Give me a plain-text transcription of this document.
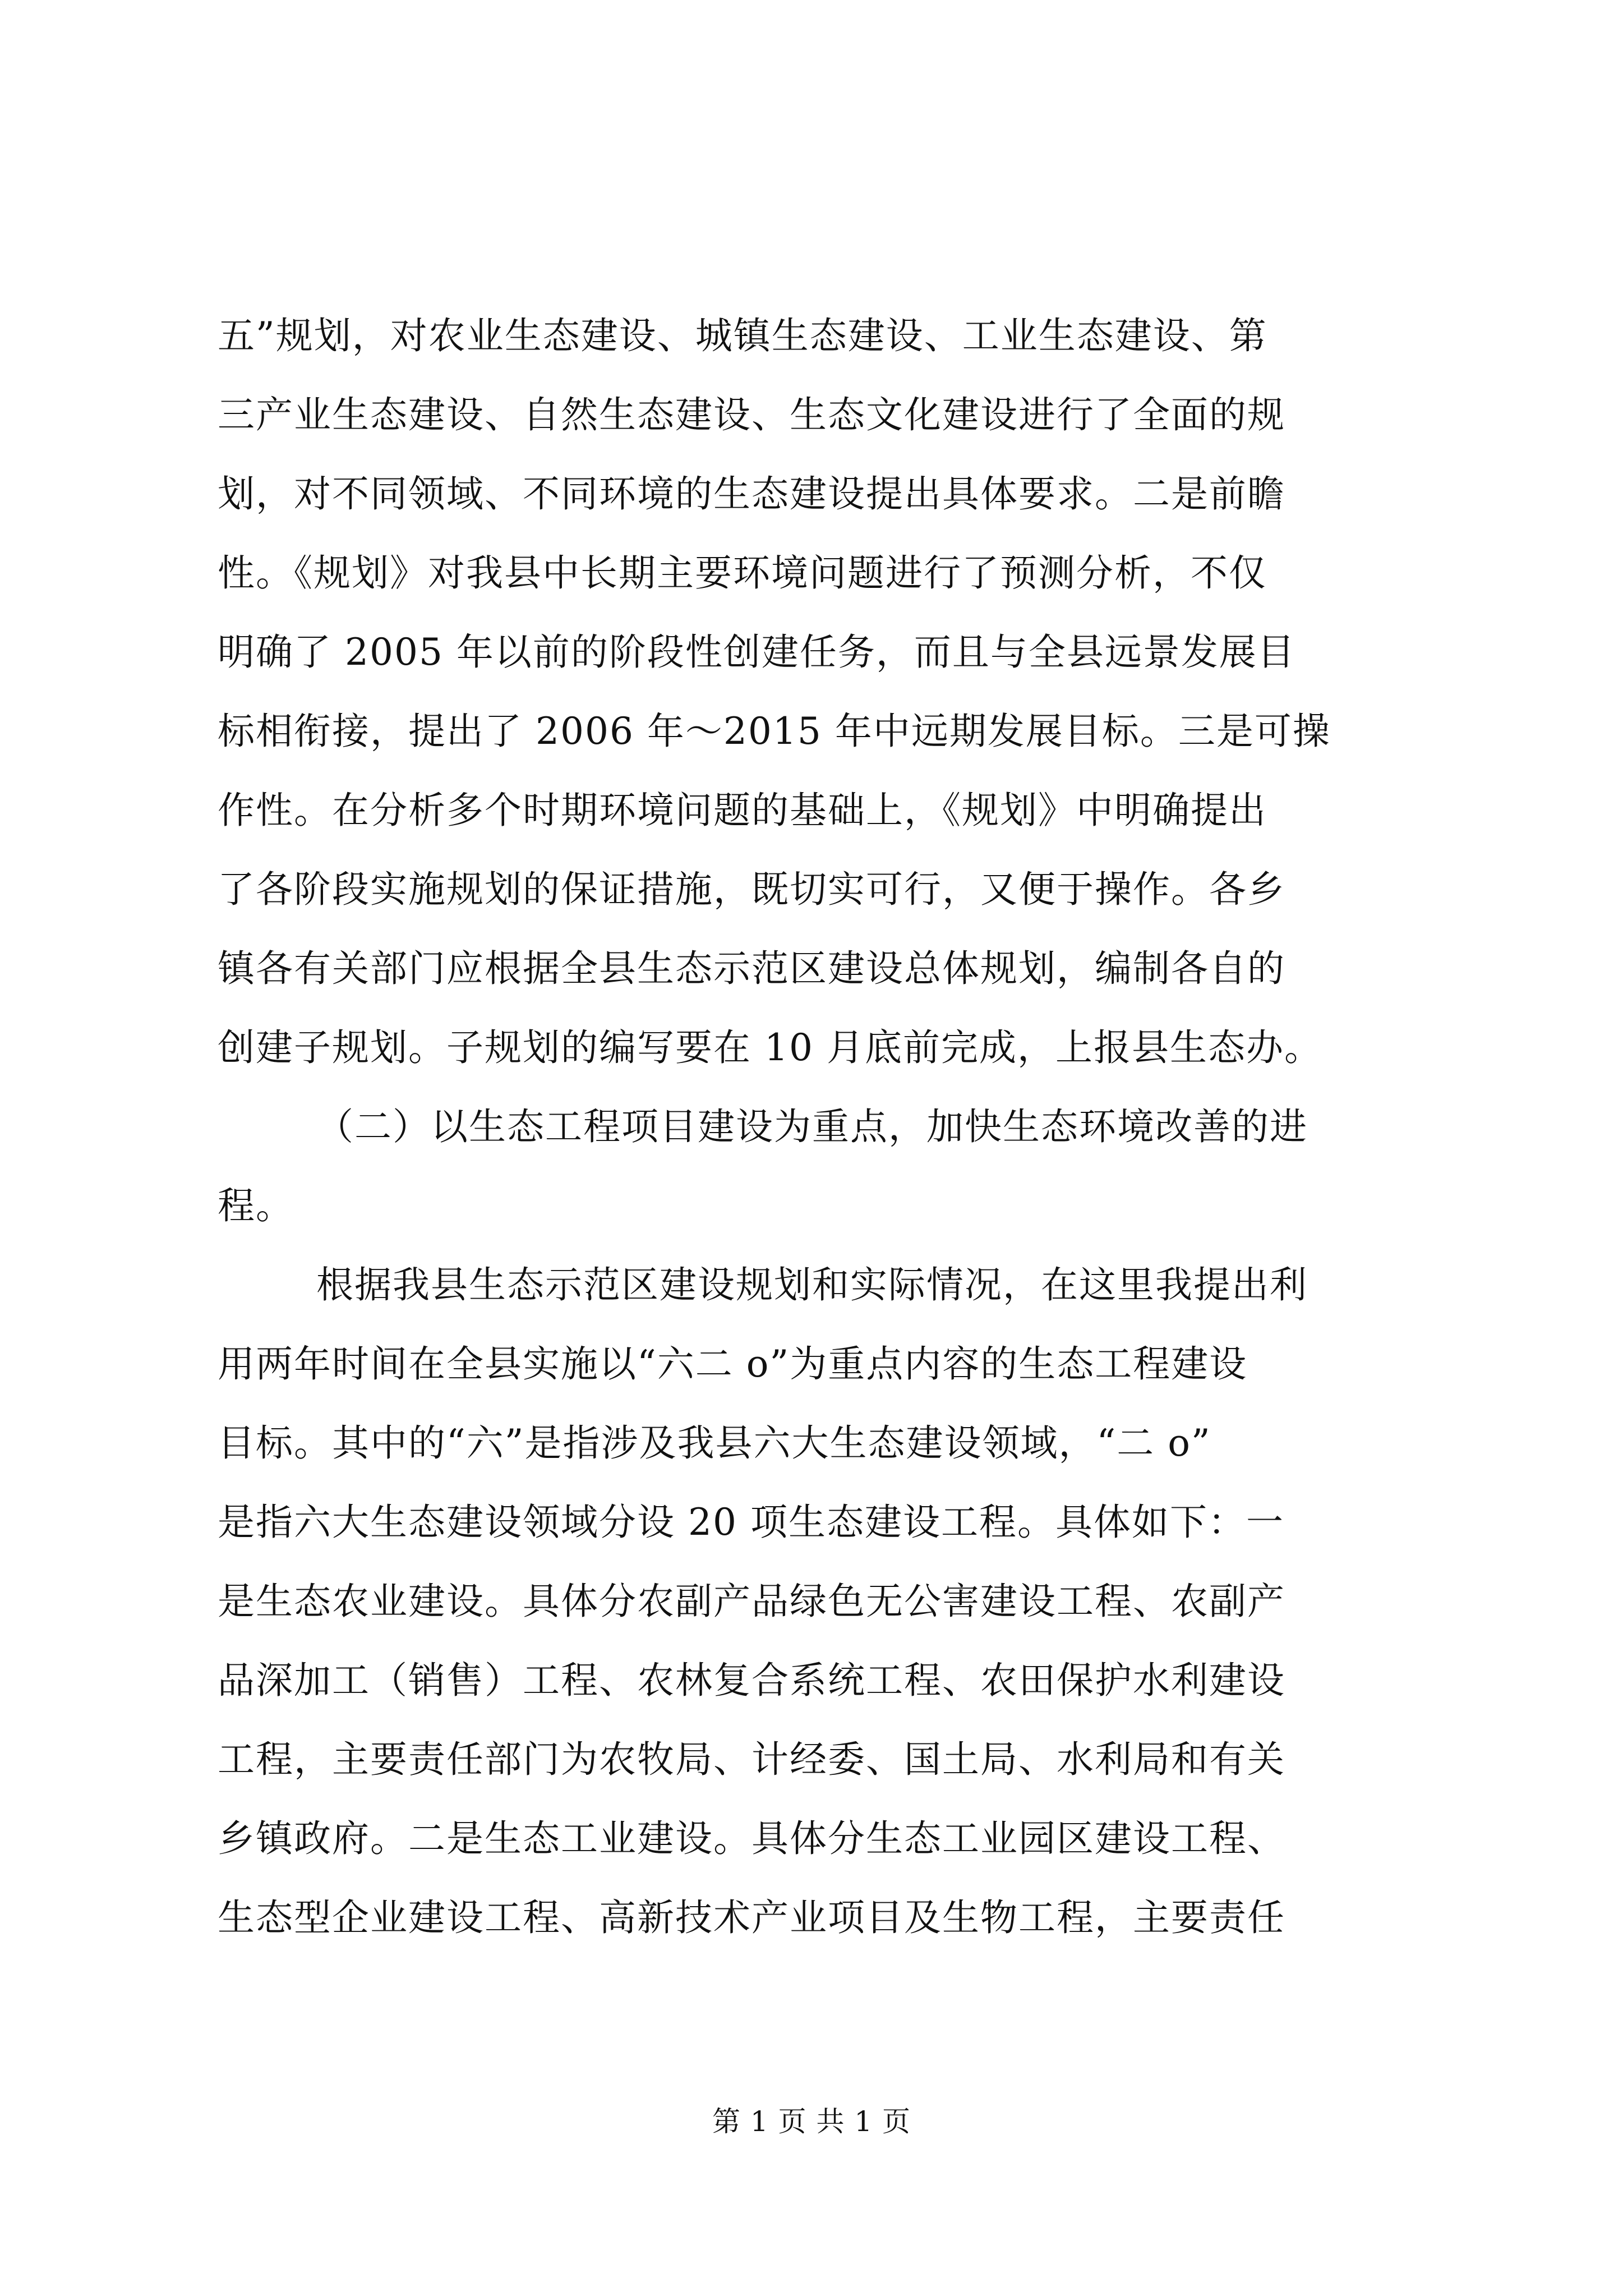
五”规划，对农业生态建设、城镇生态建设、工业生态建设、第
三产业生态建设、自然生态建设、生态文化建设进行了全面的规
划，对不同领域、不同环境的生态建设提出具体要求。二是前瞻
性。《规划》对我县中长期主要环境问题进行了预测分析，不仅
明确了 2005 年以前的阶段性创建任务，而且与全县远景发展目
标相衔接，提出了 2006 年～2015 年中远期发展目标。三是可操
作性。在分析多个时期环境问题的基础上，《规划》中明确提出
了各阶段实施规划的保证措施，既切实可行，又便于操作。各乡
镇各有关部门应根据全县生态示范区建设总体规划，编制各自的
创建子规划。子规划的编写要在 10 月底前完成，上报县生态办。
（二）以生态工程项目建设为重点，加快生态环境改善的进
程。
根据我县生态示范区建设规划和实际情况，在这里我提出利
用两年时间在全县实施以“六二 o”为重点内容的生态工程建设
目标。其中的“六”是指涉及我县六大生态建设领域，“二 o”
是指六大生态建设领域分设 20 项生态建设工程。具体如下：一
是生态农业建设。具体分农副产品绿色无公害建设工程、农副产
品深加工（销售）工程、农林复合系统工程、农田保护水利建设
工程，主要责任部门为农牧局、计经委、国土局、水利局和有关
乡镇政府。二是生态工业建设。具体分生态工业园区建设工程、
生态型企业建设工程、高新技术产业项目及生物工程，主要责任
第 1 页 共 1 页
